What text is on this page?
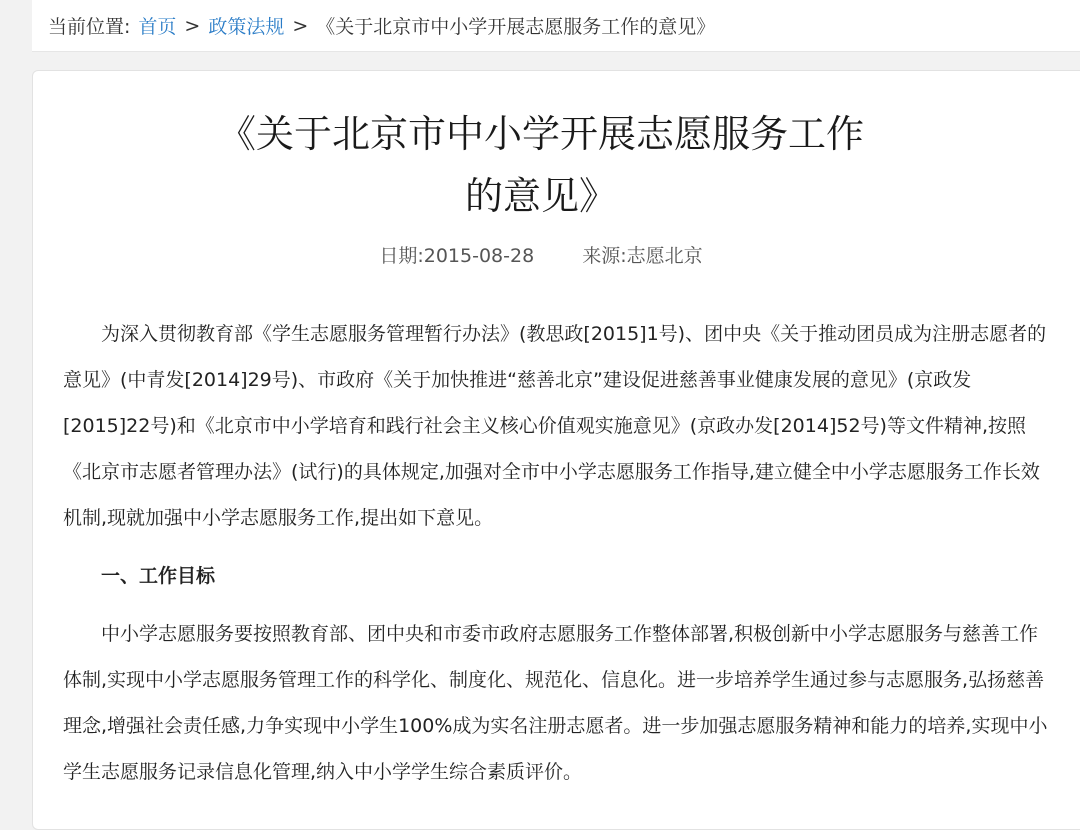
当前位置: 首页 > 政策法规 > 《关于北京市中小学开展志愿服务工作的意见》
《关于北京市中小学开展志愿服务工作
的意见》
日期:2015-08-28	来源:志愿北京

为深入贯彻教育部《学生志愿服务管理暂行办法》(教思政[2015]1号)、团中央《关于推动团员成为注册志愿者的意见》(中青发[2014]29号)、市政府《关于加快推进“慈善北京”建设促进慈善事业健康发展的意见》(京政发[2015]22号)和《北京市中小学培育和践行社会主义核心价值观实施意见》(京政办发[2014]52号)等文件精神,按照《北京市志愿者管理办法》(试行)的具体规定,加强对全市中小学志愿服务工作指导,建立健全中小学志愿服务工作长效机制,现就加强中小学志愿服务工作,提出如下意见。

一、工作目标

中小学志愿服务要按照教育部、团中央和市委市政府志愿服务工作整体部署,积极创新中小学志愿服务与慈善工作体制,实现中小学志愿服务管理工作的科学化、制度化、规范化、信息化。进一步培养学生通过参与志愿服务,弘扬慈善理念,增强社会责任感,力争实现中小学生100%成为实名注册志愿者。进一步加强志愿服务精神和能力的培养,实现中小学生志愿服务记录信息化管理,纳入中小学学生综合素质评价。
